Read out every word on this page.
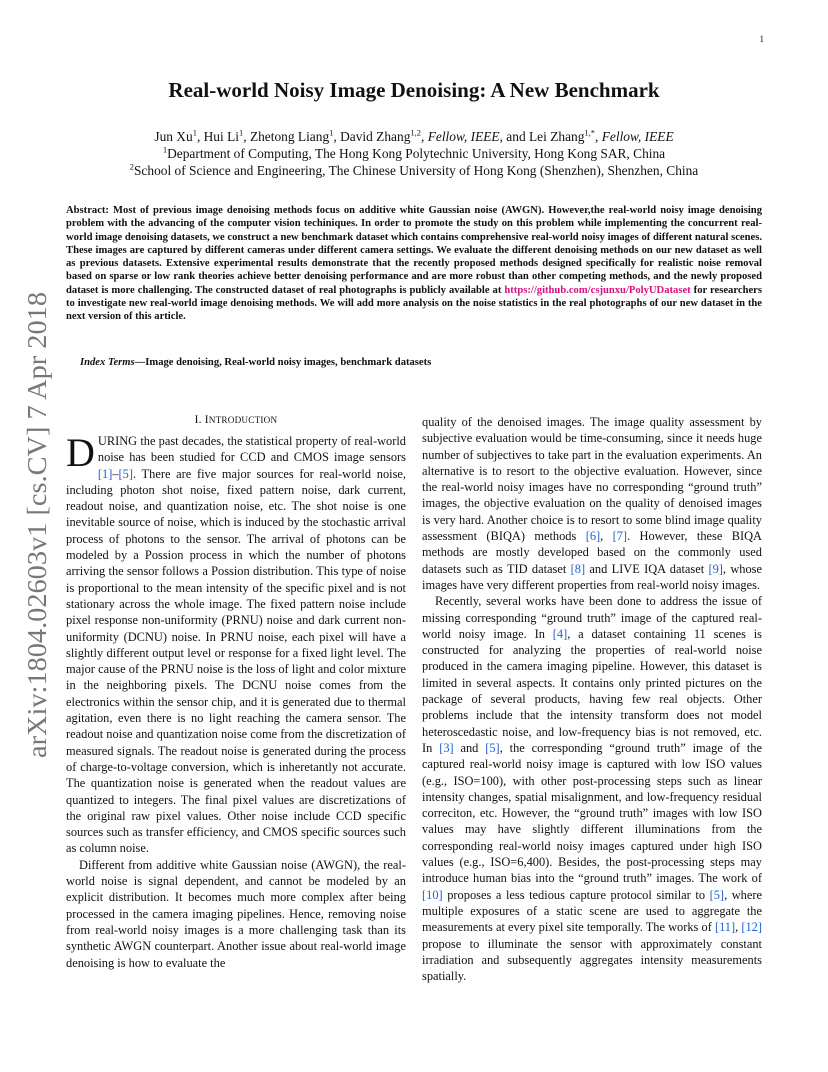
1
arXiv:1804.02603v1 [cs.CV] 7 Apr 2018
Real-world Noisy Image Denoising: A New Benchmark
Jun Xu$^1$, Hui Li$^1$, Zhetong Liang$^1$, David Zhang$^{1,2}$, Fellow, IEEE, and Lei Zhang$^{1,*}$, Fellow, IEEE
$^1$Department of Computing, The Hong Kong Polytechnic University, Hong Kong SAR, China
$^2$School of Science and Engineering, The Chinese University of Hong Kong (Shenzhen), Shenzhen, China

Abstract: Most of previous image denoising methods focus on additive white Gaussian noise (AWGN). However,the real-world noisy image denoising problem with the advancing of the computer vision techiniques. In order to promote the study on this problem while implementing the concurrent real-world image denoising datasets, we construct a new benchmark dataset which contains comprehensive real-world noisy images of different natural scenes. These images are captured by different cameras under different camera settings. We evaluate the different denoising methods on our new dataset as well as previous datasets. Extensive experimental results demonstrate that the recently proposed methods designed specifically for realistic noise removal based on sparse or low rank theories achieve better denoising performance and are more robust than other competing methods, and the newly proposed dataset is more challenging. The constructed dataset of real photographs is publicly available at https://github.com/csjunxu/PolyUDataset for researchers to investigate new real-world image denoising methods. We will add more analysis on the noise statistics in the real photographs of our new dataset in the next version of this article.

Index Terms—Image denoising, Real-world noisy images, benchmark datasets

I. INTRODUCTION

DURING the past decades, the statistical property of real-world noise has been studied for CCD and CMOS image sensors [1]–[5]. There are five major sources for real-world noise, including photon shot noise, fixed pattern noise, dark current, readout noise, and quantization noise, etc. The shot noise is one inevitable source of noise, which is induced by the stochastic arrival process of photons to the sensor. The arrival of photons can be modeled by a Possion process in which the number of photons arriving the sensor follows a Possion distribution. This type of noise is proportional to the mean intensity of the specific pixel and is not stationary across the whole image. The fixed pattern noise include pixel response non-uniformity (PRNU) noise and dark current non-uniformity (DCNU) noise. In PRNU noise, each pixel will have a slightly different output level or response for a fixed light level. The major cause of the PRNU noise is the loss of light and color mixture in the neighboring pixels. The DCNU noise comes from the electronics within the sensor chip, and it is generated due to thermal agitation, even there is no light reaching the camera sensor. The readout noise and quantization noise come from the discretization of measured signals. The readout noise is generated during the process of charge-to-voltage conversion, which is inheretantly not accurate. The quantization noise is generated when the readout values are quantized to integers. The final pixel values are discretizations of the original raw pixel values. Other noise include CCD specific sources such as transfer efficiency, and CMOS specific sources such as column noise.

Different from additive white Gaussian noise (AWGN), the real-world noise is signal dependent, and cannot be modeled by an explicit distribution. It becomes much more complex after being processed in the camera imaging pipelines. Hence, removing noise from real-world noisy images is a more challenging task than its synthetic AWGN counterpart. Another issue about real-world image denoising is how to evaluate the

quality of the denoised images. The image quality assessment by subjective evaluation would be time-consuming, since it needs huge number of subjectives to take part in the evaluation experiments. An alternative is to resort to the objective evaluation. However, since the real-world noisy images have no corresponding “ground truth” images, the objective evaluation on the quality of denoised images is very hard. Another choice is to resort to some blind image quality assessment (BIQA) methods [6], [7]. However, these BIQA methods are mostly developed based on the commonly used datasets such as TID dataset [8] and LIVE IQA dataset [9], whose images have very different properties from real-world noisy images.

Recently, several works have been done to address the issue of missing corresponding “ground truth” image of the captured real-world noisy image. In [4], a dataset containing 11 scenes is constructed for analyzing the properties of real-world noise produced in the camera imaging pipeline. However, this dataset is limited in several aspects. It contains only printed pictures on the package of several products, having few real objects. Other problems include that the intensity transform does not model heteroscedastic noise, and low-frequency bias is not removed, etc. In [3] and [5], the corresponding “ground truth” image of the captured real-world noisy image is captured with low ISO values (e.g., ISO=100), with other post-processing steps such as linear intensity changes, spatial misalignment, and low-frequency residual correciton, etc. However, the “ground truth” images with low ISO values may have slightly different illuminations from the corresponding real-world noisy images captured under high ISO values (e.g., ISO=6,400). Besides, the post-processing steps may introduce human bias into the “ground truth” images. The work of [10] proposes a less tedious capture protocol similar to [5], where multiple exposures of a static scene are used to aggregate the measurements at every pixel site temporally. The works of [11], [12] propose to illuminate the sensor with approximately constant irradiation and subsequently aggregates intensity measurements spatially.
